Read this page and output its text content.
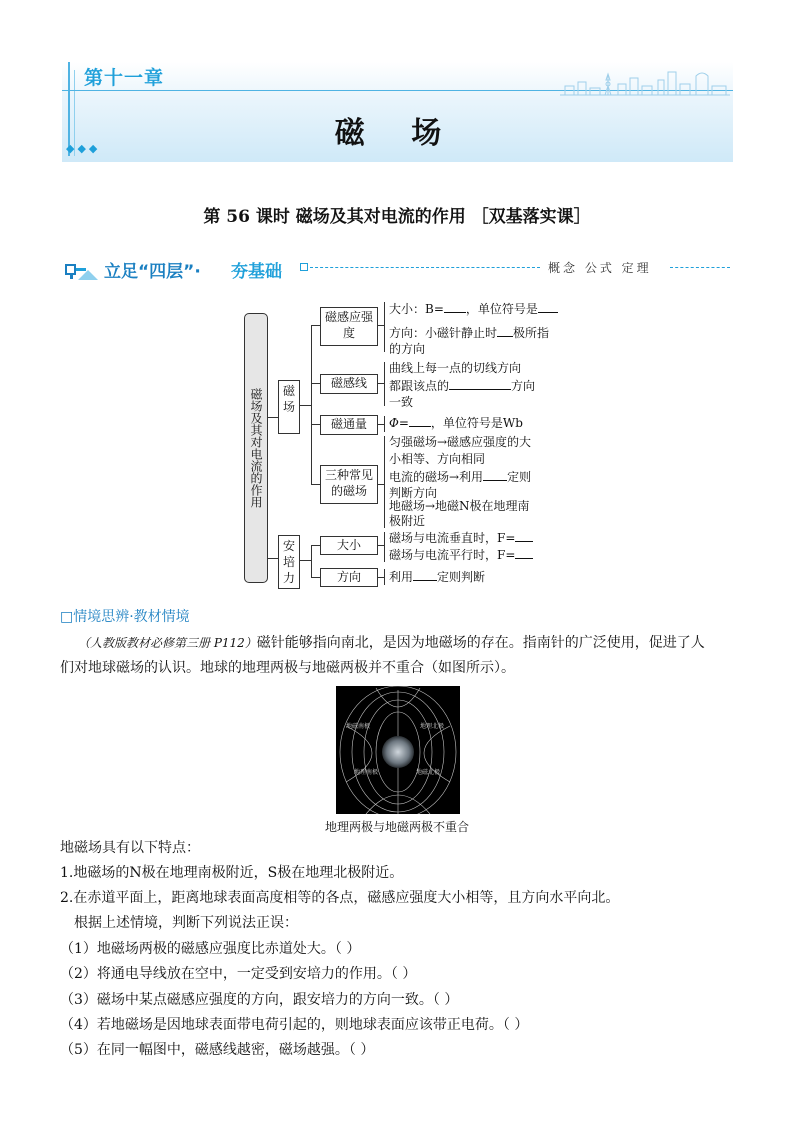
第十一章
磁 场
◆◆◆
第 56 课时 磁场及其对电流的作用 ［双基落实课］
立足“四层”· 夯基础	概念 公式 定理
磁场及其对电流的作用	磁场
安培力
磁感应强度
磁感线
磁通量
三种常见的磁场
大小：B= ，单位符号是
方向：小磁针静止时 极所指
的方向
曲线上每一点的切线方向
都跟该点的	方向
一致
Φ= ，单位符号是Wb
匀强磁场→磁感应强度的大
小相等、方向相同
电流的磁场→利用 定则
判断方向
地磁场→地磁N极在地理南
极附近
大小
方向
磁场与电流垂直时，F=
磁场与电流平行时，F=
利用 定则判断
□情境思辨·教材情境
（人教版教材必修第三册 P112）磁针能够指向南北，是因为地磁场的存在。指南针的广泛使用，促进了人
们对地球磁场的认识。地球的地理两极与地磁两极并不重合（如图所示）。
地磁南极	地理北极
地理南极	地磁北极
地理两极与地磁两极不重合
地磁场具有以下特点：
1.地磁场的N极在地理南极附近，S极在地理北极附近。
2.在赤道平面上，距离地球表面高度相等的各点，磁感应强度大小相等，且方向水平向北。
根据上述情境，判断下列说法正误：
（1）地磁场两极的磁感应强度比赤道处大。（ ）
（2）将通电导线放在空中，一定受到安培力的作用。（ ）
（3）磁场中某点磁感应强度的方向，跟安培力的方向一致。（ ）
（4）若地磁场是因地球表面带电荷引起的，则地球表面应该带正电荷。（ ）
（5）在同一幅图中，磁感线越密，磁场越强。（ ）
